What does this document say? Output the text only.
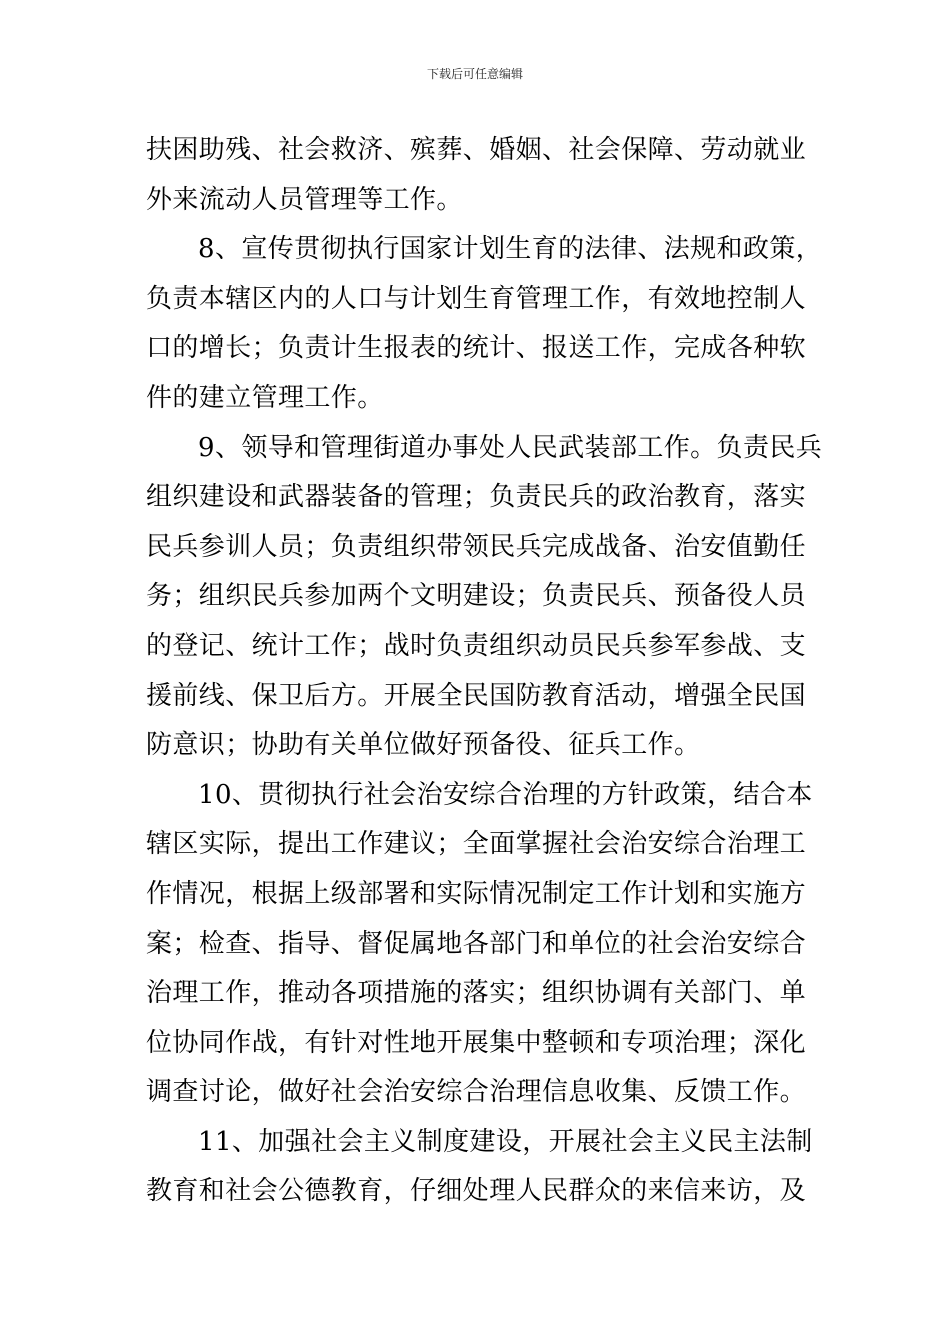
下载后可任意编辑
扶困助残、社会救济、殡葬、婚姻、社会保障、劳动就业
外来流动人员管理等工作。
8、宣传贯彻执行国家计划生育的法律、法规和政策，
负责本辖区内的人口与计划生育管理工作，有效地控制人
口的增长；负责计生报表的统计、报送工作，完成各种软
件的建立管理工作。
9、领导和管理街道办事处人民武装部工作。负责民兵
组织建设和武器装备的管理；负责民兵的政治教育，落实
民兵参训人员；负责组织带领民兵完成战备、治安值勤任
务；组织民兵参加两个文明建设；负责民兵、预备役人员
的登记、统计工作；战时负责组织动员民兵参军参战、支
援前线、保卫后方。开展全民国防教育活动，增强全民国
防意识；协助有关单位做好预备役、征兵工作。
10、贯彻执行社会治安综合治理的方针政策，结合本
辖区实际，提出工作建议；全面掌握社会治安综合治理工
作情况，根据上级部署和实际情况制定工作计划和实施方
案；检查、指导、督促属地各部门和单位的社会治安综合
治理工作，推动各项措施的落实；组织协调有关部门、单
位协同作战，有针对性地开展集中整顿和专项治理；深化
调查讨论，做好社会治安综合治理信息收集、反馈工作。
11、加强社会主义制度建设，开展社会主义民主法制
教育和社会公德教育，仔细处理人民群众的来信来访，及
